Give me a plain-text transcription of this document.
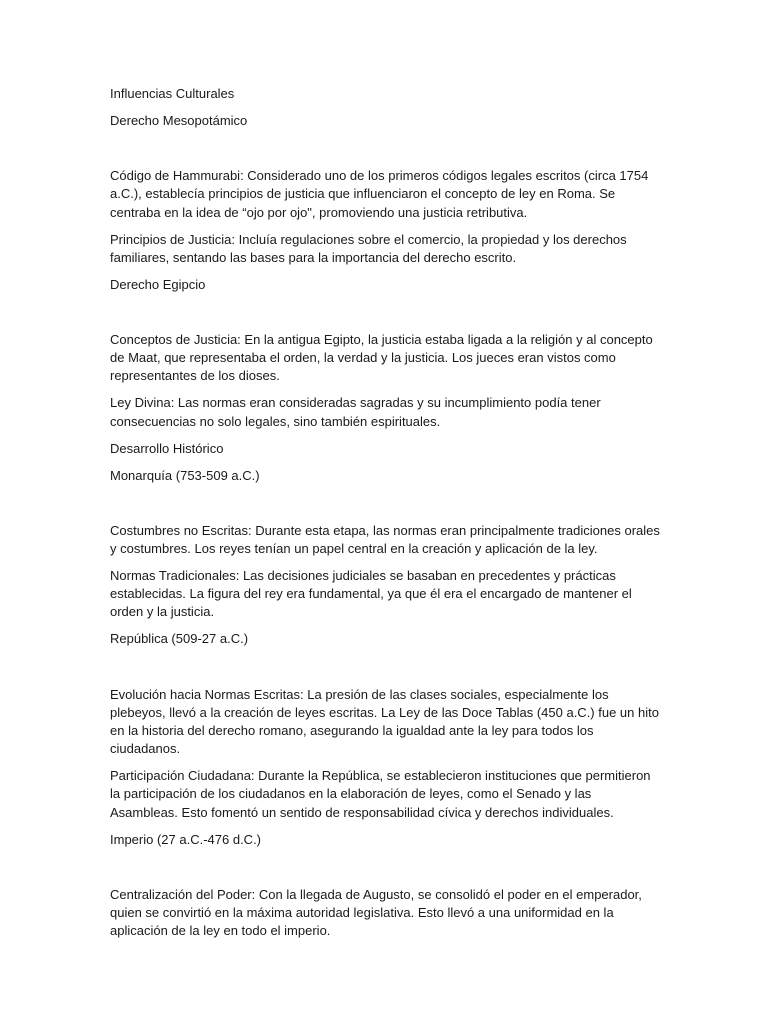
Influencias Culturales

Derecho Mesopotámico

Código de Hammurabi: Considerado uno de los primeros códigos legales escritos (circa 1754 a.C.), establecía principios de justicia que influenciaron el concepto de ley en Roma. Se centraba en la idea de “ojo por ojo", promoviendo una justicia retributiva.

Principios de Justicia: Incluía regulaciones sobre el comercio, la propiedad y los derechos familiares, sentando las bases para la importancia del derecho escrito.

Derecho Egipcio

Conceptos de Justicia: En la antigua Egipto, la justicia estaba ligada a la religión y al concepto de Maat, que representaba el orden, la verdad y la justicia. Los jueces eran vistos como representantes de los dioses.

Ley Divina: Las normas eran consideradas sagradas y su incumplimiento podía tener consecuencias no solo legales, sino también espirituales.

Desarrollo Histórico

Monarquía (753-509 a.C.)

Costumbres no Escritas: Durante esta etapa, las normas eran principalmente tradiciones orales y costumbres. Los reyes tenían un papel central en la creación y aplicación de la ley.

Normas Tradicionales: Las decisiones judiciales se basaban en precedentes y prácticas establecidas. La figura del rey era fundamental, ya que él era el encargado de mantener el orden y la justicia.

República (509-27 a.C.)

Evolución hacia Normas Escritas: La presión de las clases sociales, especialmente los plebeyos, llevó a la creación de leyes escritas. La Ley de las Doce Tablas (450 a.C.) fue un hito en la historia del derecho romano, asegurando la igualdad ante la ley para todos los ciudadanos.

Participación Ciudadana: Durante la República, se establecieron instituciones que permitieron la participación de los ciudadanos en la elaboración de leyes, como el Senado y las Asambleas. Esto fomentó un sentido de responsabilidad cívica y derechos individuales.

Imperio (27 a.C.-476 d.C.)

Centralización del Poder: Con la llegada de Augusto, se consolidó el poder en el emperador, quien se convirtió en la máxima autoridad legislativa. Esto llevó a una uniformidad en la aplicación de la ley en todo el imperio.
